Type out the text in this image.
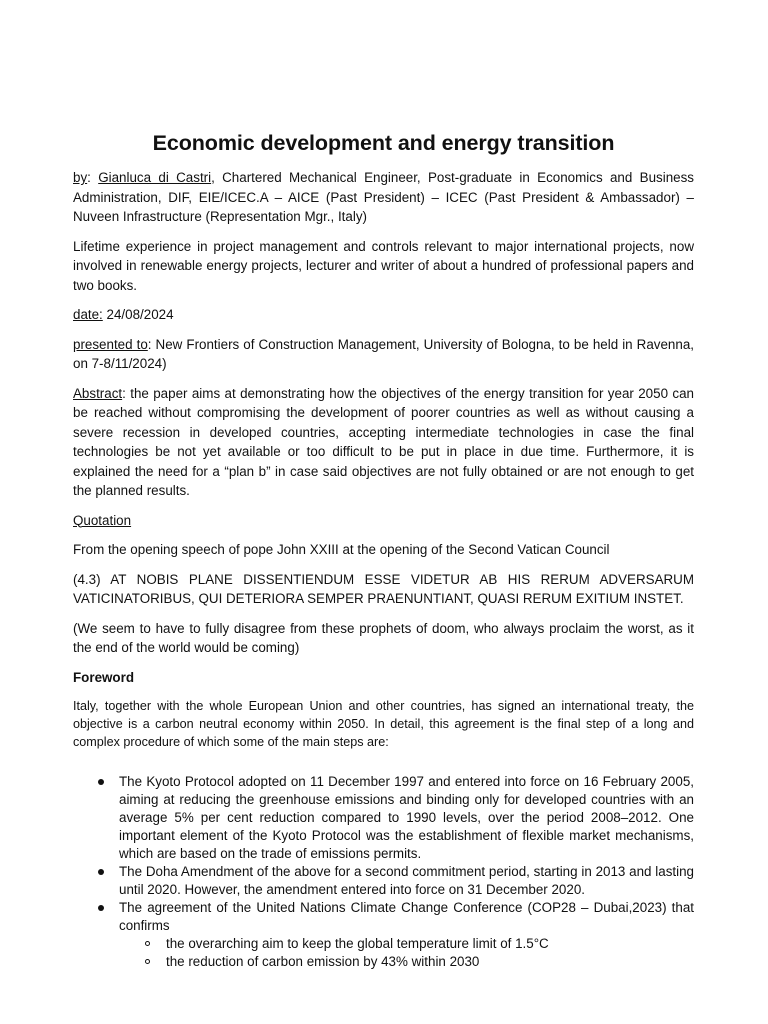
Economic development and energy transition

by: Gianluca di Castri, Chartered Mechanical Engineer, Post-graduate in Economics and Business Administration, DIF, EIE/ICEC.A – AICE (Past President) – ICEC (Past President & Ambassador) – Nuveen Infrastructure (Representation Mgr., Italy)

Lifetime experience in project management and controls relevant to major international projects, now involved in renewable energy projects, lecturer and writer of about a hundred of professional papers and two books.

date: 24/08/2024

presented to: New Frontiers of Construction Management, University of Bologna, to be held in Ravenna, on 7-8/11/2024)

Abstract: the paper aims at demonstrating how the objectives of the energy transition for year 2050 can be reached without compromising the development of poorer countries as well as without causing a severe recession in developed countries, accepting intermediate technologies in case the final technologies be not yet available or too difficult to be put in place in due time. Furthermore, it is explained the need for a “plan b” in case said objectives are not fully obtained or are not enough to get the planned results.

Quotation

From the opening speech of pope John XXIII at the opening of the Second Vatican Council

(4.3) AT NOBIS PLANE DISSENTIENDUM ESSE VIDETUR AB HIS RERUM ADVERSARUM VATICINATORIBUS, QUI DETERIORA SEMPER PRAENUNTIANT, QUASI RERUM EXITIUM INSTET.

(We seem to have to fully disagree from these prophets of doom, who always proclaim the worst, as it the end of the world would be coming)

Foreword

Italy, together with the whole European Union and other countries, has signed an international treaty, the objective is a carbon neutral economy within 2050. In detail, this agreement is the final step of a long and complex procedure of which some of the main steps are:

The Kyoto Protocol adopted on 11 December 1997 and entered into force on 16 February 2005, aiming at reducing the greenhouse emissions and binding only for developed countries with an average 5% per cent reduction compared to 1990 levels, over the period 2008–2012. One important element of the Kyoto Protocol was the establishment of flexible market mechanisms, which are based on the trade of emissions permits.
The Doha Amendment of the above for a second commitment period, starting in 2013 and lasting until 2020. However, the amendment entered into force on 31 December 2020.
The agreement of the United Nations Climate Change Conference (COP28 – Dubai,2023) that confirms
the overarching aim to keep the global temperature limit of 1.5°C
the reduction of carbon emission by 43% within 2030
